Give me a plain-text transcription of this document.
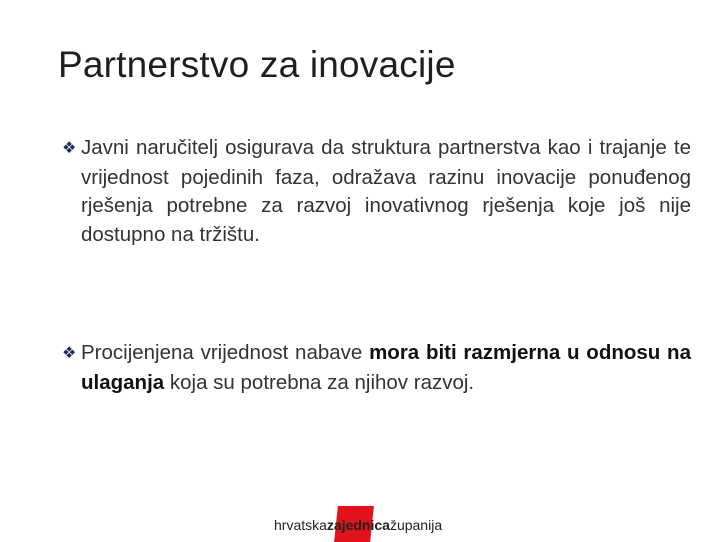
Partnerstvo za inovacije
❖ Javni naručitelj osigurava da struktura partnerstva kao i trajanje te vrijednost pojedinih faza, odražava razinu inovacije ponuđenog rješenja potrebne za razvoj inovativnog rješenja koje još nije dostupno na tržištu.
❖ Procijenjena vrijednost nabave mora biti razmjerna u odnosu na ulaganja koja su potrebna za njihov razvoj.
hrvatskazajednicažupanija
